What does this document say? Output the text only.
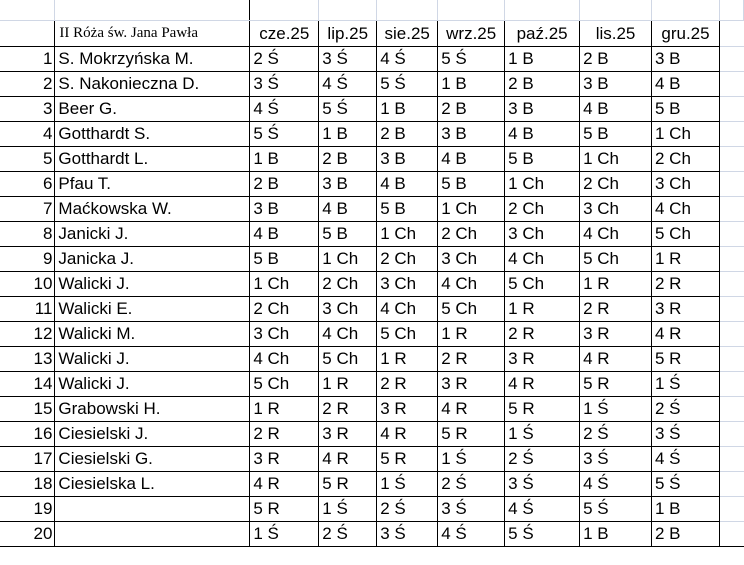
	II Róża św. Jana Pawła	cze.25	lip.25	sie.25	wrz.25	paź.25	lis.25	gru.25	
1	S. Mokrzyńska M.	2 Ś	3 Ś	4 Ś	5 Ś	1 B	2 B	3 B	
2	S. Nakonieczna D.	3 Ś	4 Ś	5 Ś	1 B	2 B	3 B	4 B	
3	Beer G.	4 Ś	5 Ś	1 B	2 B	3 B	4 B	5 B	
4	Gotthardt S.	5 Ś	1 B	2 B	3 B	4 B	5 B	1 Ch	
5	Gotthardt L.	1 B	2 B	3 B	4 B	5 B	1 Ch	2 Ch	
6	Pfau T.	2 B	3 B	4 B	5 B	1 Ch	2 Ch	3 Ch	
7	Maćkowska W.	3 B	4 B	5 B	1 Ch	2 Ch	3 Ch	4 Ch	
8	Janicki J.	4 B	5 B	1 Ch	2 Ch	3 Ch	4 Ch	5 Ch	
9	Janicka J.	5 B	1 Ch	2 Ch	3 Ch	4 Ch	5 Ch	1 R	
10	Walicki J.	1 Ch	2 Ch	3 Ch	4 Ch	5 Ch	1 R	2 R	
11	Walicki E.	2 Ch	3 Ch	4 Ch	5 Ch	1 R	2 R	3 R	
12	Walicki M.	3 Ch	4 Ch	5 Ch	1 R	2 R	3 R	4 R	
13	Walicki J.	4 Ch	5 Ch	1 R	2 R	3 R	4 R	5 R	
14	Walicki J.	5 Ch	1 R	2 R	3 R	4 R	5 R	1 Ś	
15	Grabowski H.	1 R	2 R	3 R	4 R	5 R	1 Ś	2 Ś	
16	Ciesielski J.	2 R	3 R	4 R	5 R	1 Ś	2 Ś	3 Ś	
17	Ciesielski G.	3 R	4 R	5 R	1 Ś	2 Ś	3 Ś	4 Ś	
18	Ciesielska L.	4 R	5 R	1 Ś	2 Ś	3 Ś	4 Ś	5 Ś	
19		5 R	1 Ś	2 Ś	3 Ś	4 Ś	5 Ś	1 B	
20		1 Ś	2 Ś	3 Ś	4 Ś	5 Ś	1 B	2 B	
